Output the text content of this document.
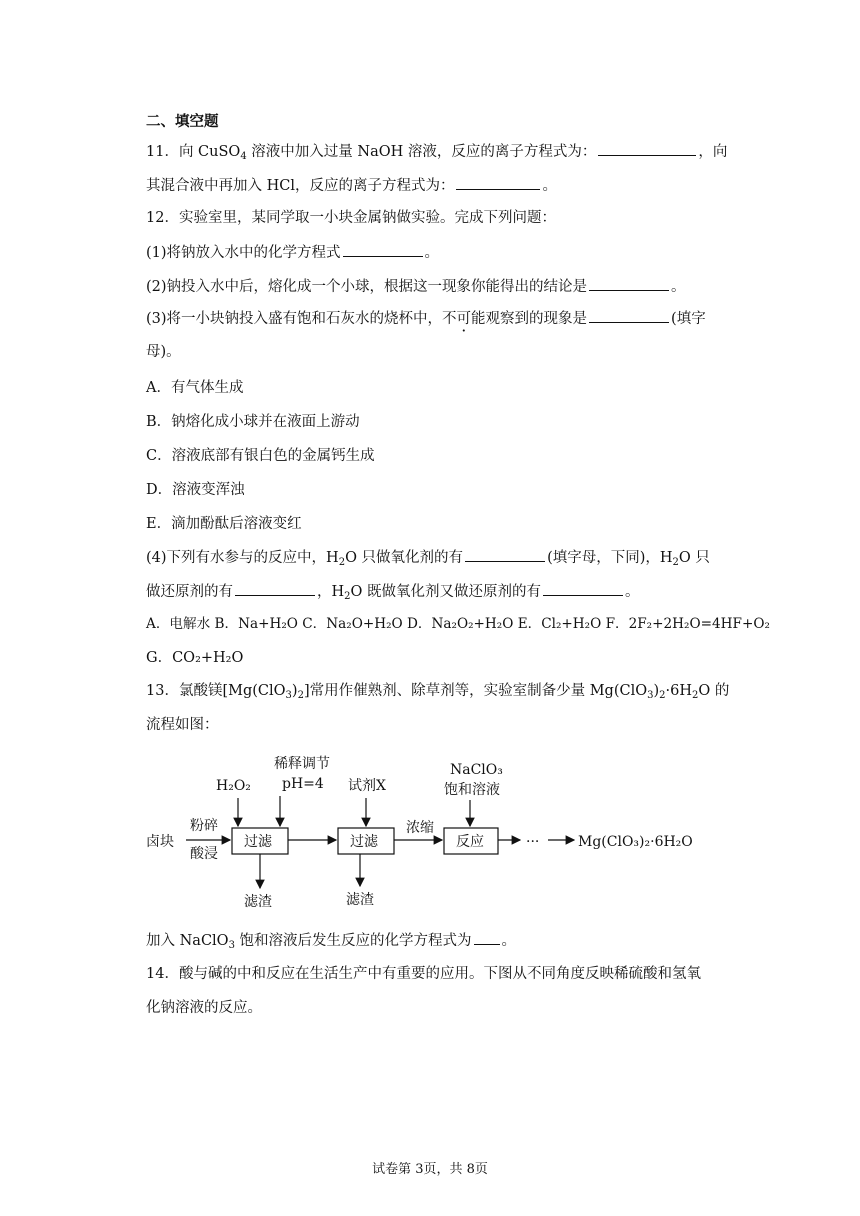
二、填空题
11．向 CuSO$_4$ 溶液中加入过量 NaOH 溶液，反应的离子方程式为：	，向
其混合液中再加入 HCl，反应的离子方程式为：	。
12．实验室里，某同学取一小块金属钠做实验。完成下列问题：
(1)将钠放入水中的化学方程式	。
(2)钠投入水中后，熔化成一个小球，根据这一现象你能得出的结论是	。
(3)将一小块钠投入盛有饱和石灰水的烧杯中，不可能观察到的现象是	(填字
母)。
A．有气体生成
B．钠熔化成小球并在液面上游动
C．溶液底部有银白色的金属钙生成
D．溶液变浑浊
E．滴加酚酞后溶液变红
(4)下列有水参与的反应中，$H_2O$ 只做氧化剂的有	(填字母，下同)，$H_2O$ 只
做还原剂的有	，$H_2O$ 既做氧化剂又做还原剂的有	。
A．电解水 B．Na+H₂O C．Na₂O+H₂O D．Na₂O₂+H₂O E．Cl₂+H₂O F．2F₂+2H₂O=4HF+O₂
G．CO₂+H₂O
13．氯酸镁$[Mg(ClO_3)_2]$常用作催熟剂、除草剂等，实验室制备少量 $Mg(ClO_3)_2\cdot 6H_2O$ 的
流程如图：
卤块
粉碎
酸浸
过滤
H₂O₂
稀释调节
pH=4
滤渣
过滤
试剂X
滤渣
浓缩
反应
NaClO₃
饱和溶液
···	Mg(ClO₃)₂·6H₂O
加入 NaClO$_3$ 饱和溶液后发生反应的化学方程式为 。
14．酸与碱的中和反应在生活生产中有重要的应用。下图从不同角度反映稀硫酸和氢氧
化钠溶液的反应。
试卷第 3页，共 8页
